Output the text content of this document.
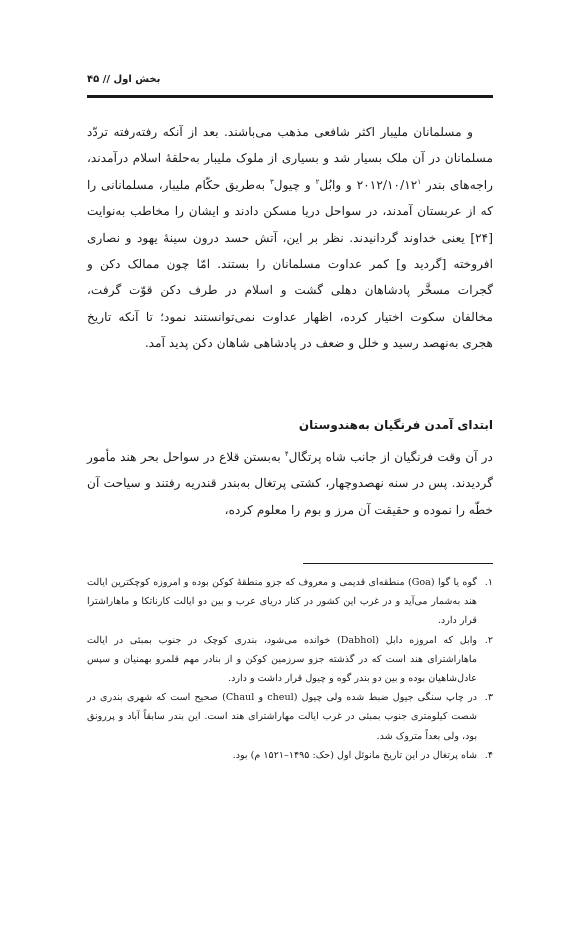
بخش اول // ۴۵
و مسلمانان ملیبار اکثر شافعی مذهب می‌باشند. بعد از آنکه رفته‌رفته تردّد مسلمانان در آن ملک بسیار شد و بسیاری از ملوک ملیبار به‌حلقهٔ اسلام درآمدند، راجه‌های بندر $۲۰۱۲/۱۰/۱۲^۱$ و وابُل$^۲$ و چیول$^۳$ به‌طریق حکّام ملیبار، مسلمانانی را که از عربستان آمدند، در سواحل دریا مسکن دادند و ایشان را مخاطب به‌نوایت [۲۴] یعنی خداوند گردانیدند. نظر بر این، آتش حسد درون سینهٔ یهود و نصاری افروخته [گردید و] کمر عداوت مسلمانان را بستند. امّا چون ممالک دکن و گجرات مسخَّر پادشاهان دهلی گشت و اسلام در طرف دکن قوّت گرفت، مخالفان سکوت اختیار کرده، اظهار عداوت نمی‌توانستند نمود؛ تا آنکه تاریخ هجری به‌نهصد رسید و خلل و ضعف در پادشاهی شاهان دکن پدید آمد.
ابتدای آمدن فرنگیان به‌هندوستان
در آن وقت فرنگیان از جانب شاه پرتگال$^۴$ به‌بستن قلاع در سواحل بحر هند مأمور گردیدند. پس در سنه نهصدوچهار، کشتی پرتغال به‌بندر قندریه رفتند و سیاحت آن خطّه را نموده و حقیقت آن مرز و بوم را معلوم کرده،
۱.
گوه یا گوا (Goa) منطقه‌ای قدیمی و معروف که جزو منطقهٔ کوکن بوده و امروزه کوچکترین ایالت هند به‌شمار می‌آید و در غرب این کشور در کنار دریای عرب و بین دو ایالت کارناتکا و ماهاراشترا قرار دارد.
۲.
وابل که امروزه دابل (Dabhol) خوانده می‌شود، بندری کوچک در جنوب بمبئی در ایالت ماهاراشترای هند است که در گذشته جزو سرزمین کوکن و از بنادر مهم قلمرو بهمنیان و سپس عادل‌شاهیان بوده و بین دو بندر گوه و چیول قرار داشت و دارد.
۳.
در چاپ سنگی جیول ضبط شده ولی چیول (cheul و Chaul) صحیح است که شهری بندری در شصت کیلومتری جنوب بمبئی در غرب ایالت مهاراشترای هند است. این بندر سابقاً آباد و پررونق بود، ولی بعداً متروک شد.
۴.
شاه پرتغال در این تاریخ مانوئل اول (حک: ۱۴۹۵–۱۵۲۱ م) بود.
